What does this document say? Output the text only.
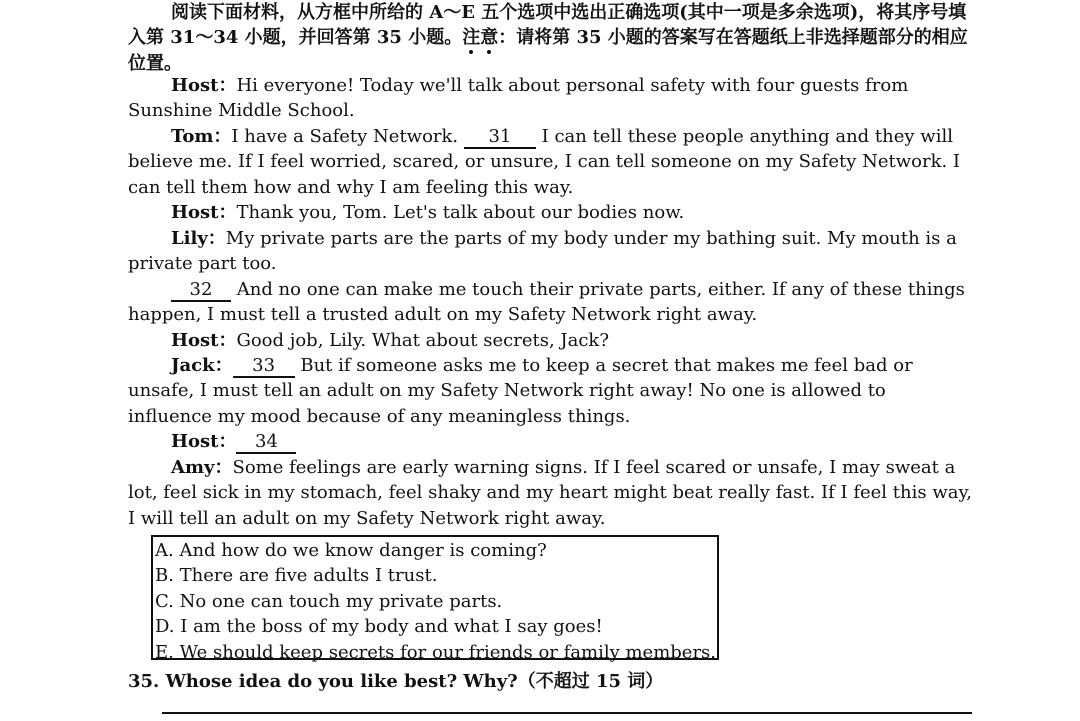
阅读下面材料，从方框中所给的 A～E 五个选项中选出正确选项(其中一项是多余选项)，将其序号填入第 31～34 小题，并回答第 35 小题。注意：请将第 35 小题的答案写在答题纸上非选择题部分的相应位置。

Host：Hi everyone! Today we'll talk about personal safety with four guests from Sunshine Middle School.

Tom：I have a Safety Network. 31 I can tell these people anything and they will believe me. If I feel worried, scared, or unsure, I can tell someone on my Safety Network. I can tell them how and why I am feeling this way.

Host：Thank you, Tom. Let's talk about our bodies now.

Lily：My private parts are the parts of my body under my bathing suit. My mouth is a private part too.

32 And no one can make me touch their private parts, either. If any of these things happen, I must tell a trusted adult on my Safety Network right away.

Host：Good job, Lily. What about secrets, Jack?

Jack： 33 But if someone asks me to keep a secret that makes me feel bad or unsafe, I must tell an adult on my Safety Network right away! No one is allowed to influence my mood because of any meaningless things.

Host： 34

Amy：Some feelings are early warning signs. If I feel scared or unsafe, I may sweat a lot, feel sick in my stomach, feel shaky and my heart might beat really fast. If I feel this way, I will tell an adult on my Safety Network right away.

A. And how do we know danger is coming?

B. There are five adults I trust.

C. No one can touch my private parts.

D. I am the boss of my body and what I say goes!

E. We should keep secrets for our friends or family members.

35. Whose idea do you like best? Why?（不超过 15 词）
